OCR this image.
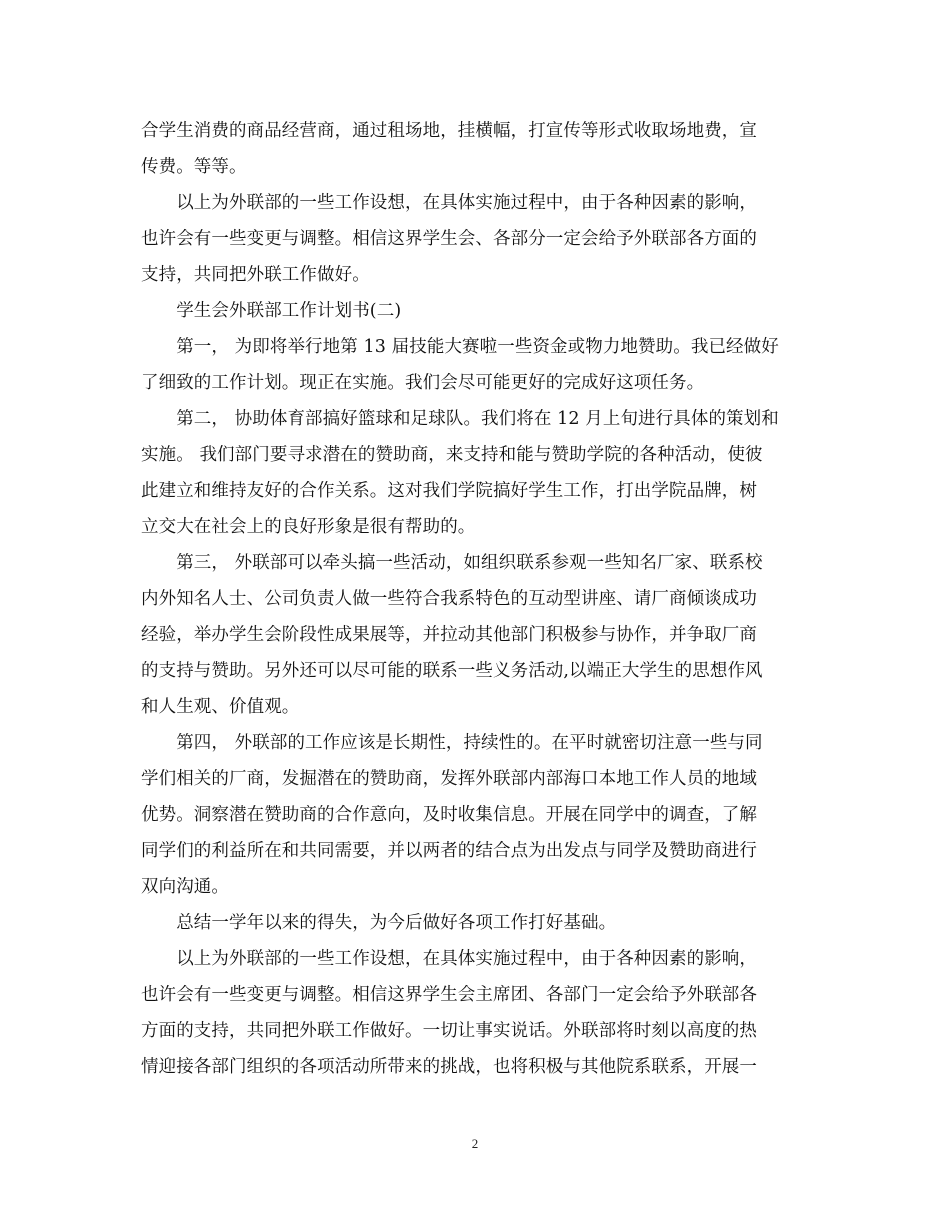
合学生消费的商品经营商，通过租场地，挂横幅，打宣传等形式收取场地费，宣
传费。等等。
　　以上为外联部的一些工作设想，在具体实施过程中，由于各种因素的影响，
也许会有一些变更与调整。相信这界学生会、各部分一定会给予外联部各方面的
支持，共同把外联工作做好。
　　学生会外联部工作计划书(二)
　　第一， 为即将举行地第 13 届技能大赛啦一些资金或物力地赞助。我已经做好
了细致的工作计划。现正在实施。我们会尽可能更好的完成好这项任务。
　　第二， 协助体育部搞好篮球和足球队。我们将在 12 月上旬进行具体的策划和
实施。 我们部门要寻求潜在的赞助商，来支持和能与赞助学院的各种活动，使彼
此建立和维持友好的合作关系。这对我们学院搞好学生工作，打出学院品牌，树
立交大在社会上的良好形象是很有帮助的。
　　第三， 外联部可以牵头搞一些活动，如组织联系参观一些知名厂家、联系校
内外知名人士、公司负责人做一些符合我系特色的互动型讲座、请厂商倾谈成功
经验，举办学生会阶段性成果展等，并拉动其他部门积极参与协作，并争取厂商
的支持与赞助。另外还可以尽可能的联系一些义务活动,以端正大学生的思想作风
和人生观、价值观。
　　第四， 外联部的工作应该是长期性，持续性的。在平时就密切注意一些与同
学们相关的厂商，发掘潜在的赞助商，发挥外联部内部海口本地工作人员的地域
优势。洞察潜在赞助商的合作意向，及时收集信息。开展在同学中的调查，了解
同学们的利益所在和共同需要，并以两者的结合点为出发点与同学及赞助商进行
双向沟通。
　　总结一学年以来的得失，为今后做好各项工作打好基础。
　　以上为外联部的一些工作设想，在具体实施过程中，由于各种因素的影响，
也许会有一些变更与调整。相信这界学生会主席团、各部门一定会给予外联部各
方面的支持，共同把外联工作做好。一切让事实说话。外联部将时刻以高度的热
情迎接各部门组织的各项活动所带来的挑战，也将积极与其他院系联系，开展一
2
